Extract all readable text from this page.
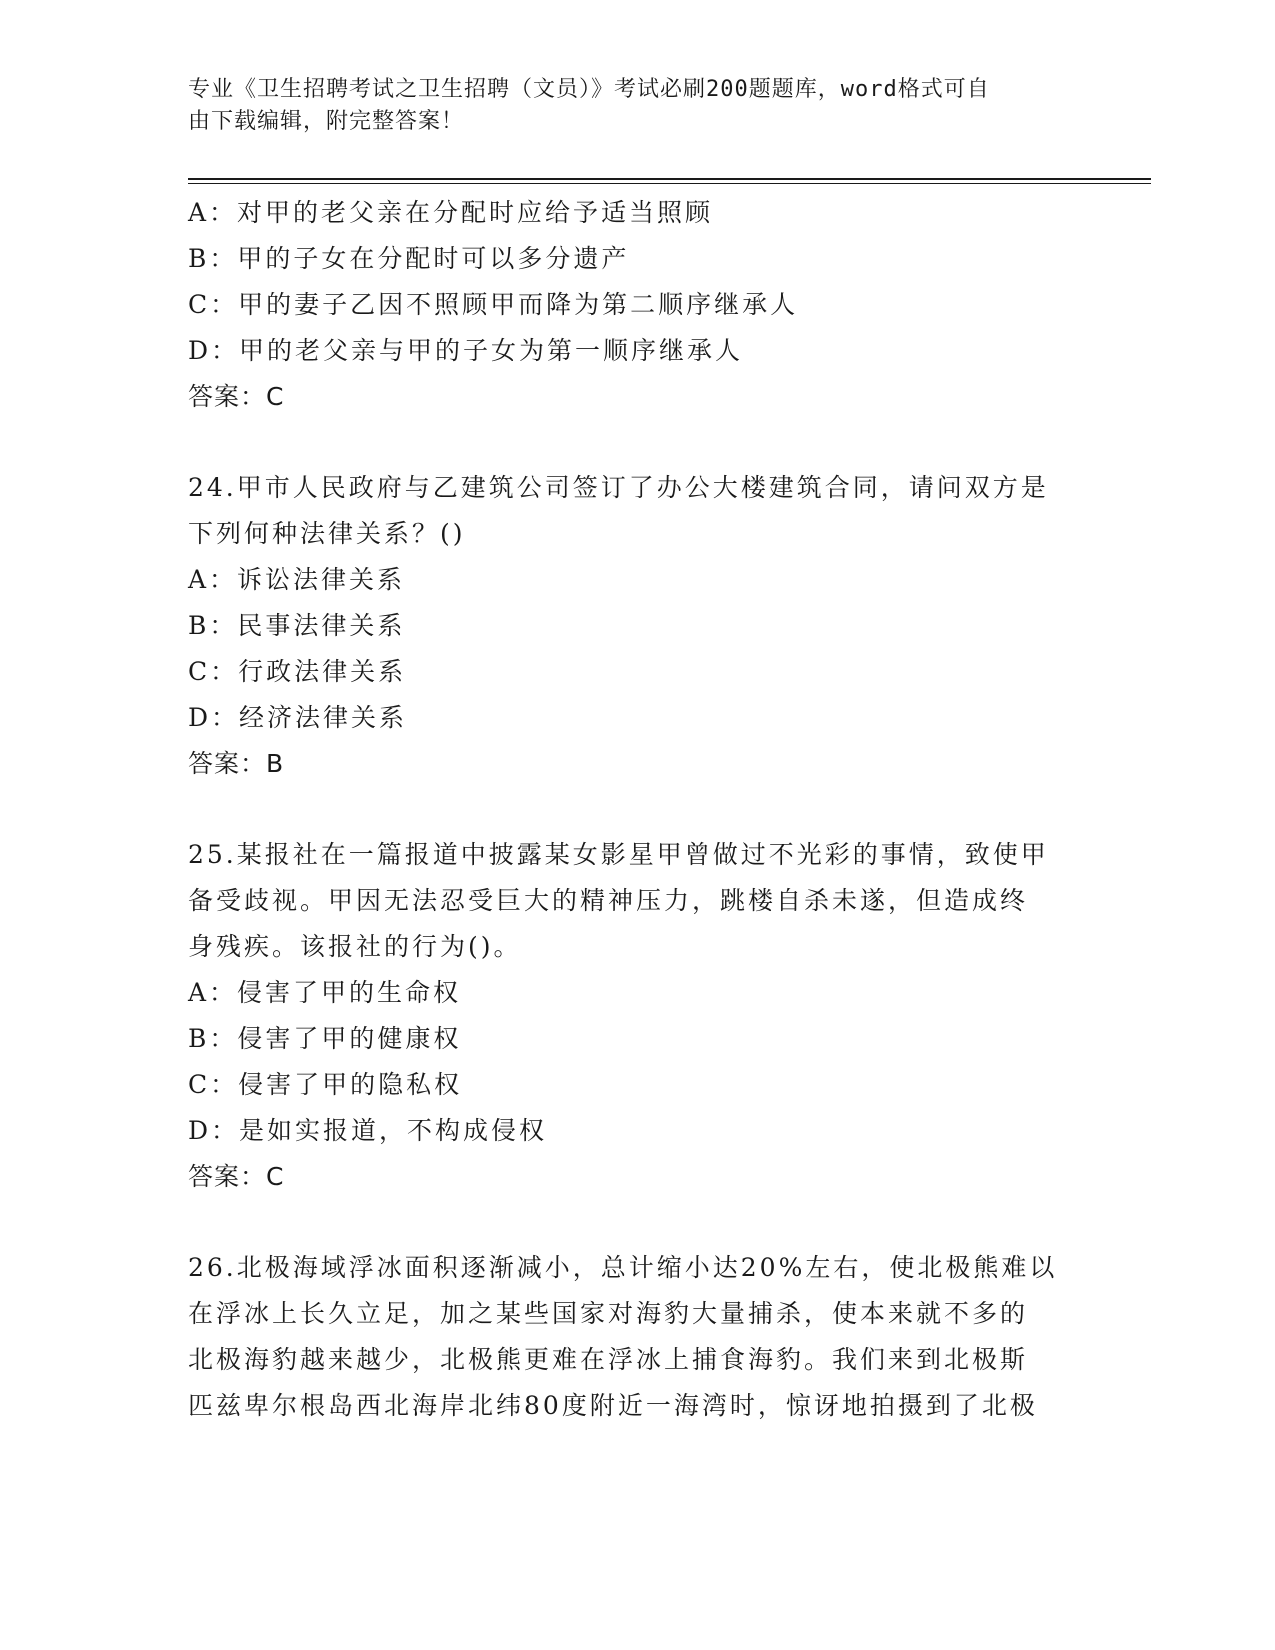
专业《卫生招聘考试之卫生招聘（文员）》考试必刷200题题库，word格式可自
由下载编辑，附完整答案！
A：对甲的老父亲在分配时应给予适当照顾
B：甲的子女在分配时可以多分遗产
C：甲的妻子乙因不照顾甲而降为第二顺序继承人
D：甲的老父亲与甲的子女为第一顺序继承人
答案：C
24.甲市人民政府与乙建筑公司签订了办公大楼建筑合同，请问双方是
下列何种法律关系？()
A：诉讼法律关系
B：民事法律关系
C：行政法律关系
D：经济法律关系
答案：B
25.某报社在一篇报道中披露某女影星甲曾做过不光彩的事情，致使甲
备受歧视。甲因无法忍受巨大的精神压力，跳楼自杀未遂，但造成终
身残疾。该报社的行为()。
A：侵害了甲的生命权
B：侵害了甲的健康权
C：侵害了甲的隐私权
D：是如实报道，不构成侵权
答案：C
26.北极海域浮冰面积逐渐减小，总计缩小达20%左右，使北极熊难以
在浮冰上长久立足，加之某些国家对海豹大量捕杀，使本来就不多的
北极海豹越来越少，北极熊更难在浮冰上捕食海豹。我们来到北极斯
匹兹卑尔根岛西北海岸北纬80度附近一海湾时，惊讶地拍摄到了北极
